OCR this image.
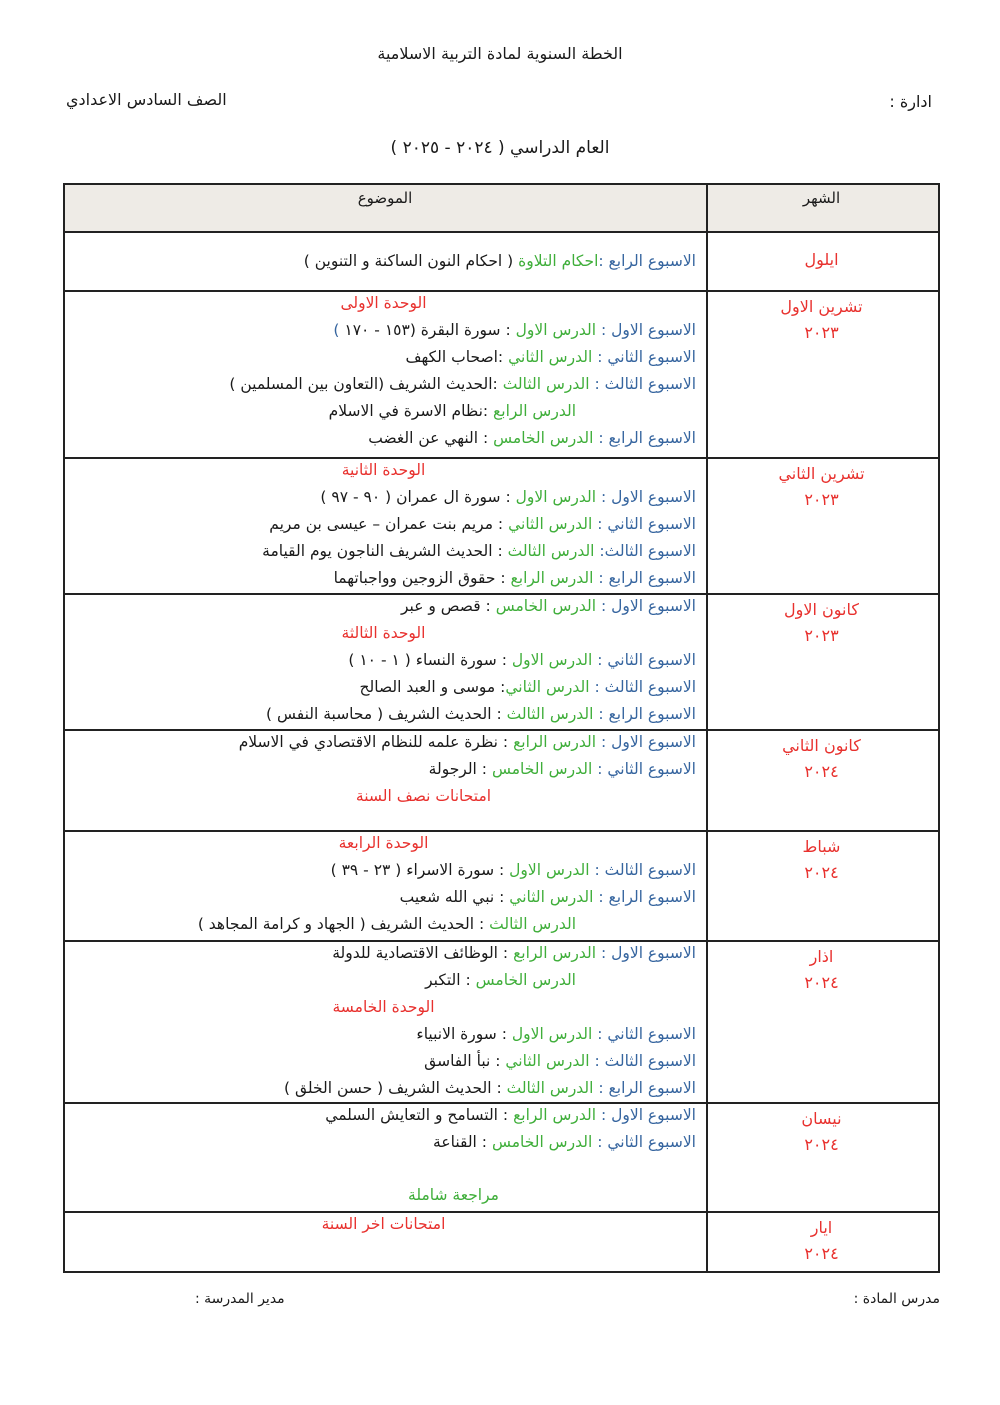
الخطة السنوية لمادة التربية الاسلامية
ادارة :
الصف السادس الاعدادي
العام الدراسي ( ٢٠٢٤ - ٢٠٢٥ )
الشهر
الموضوع
ايلول
الاسبوع الرابع :احكام التلاوة ( احكام النون الساكنة و التنوين )
تشرين الاول
٢٠٢٣
الوحدة الاولى
الاسبوع الاول : الدرس الاول : سورة البقرة (١٥٣ - ١٧٠ )
الاسبوع الثاني : الدرس الثاني :اصحاب الكهف
الاسبوع الثالث : الدرس الثالث :الحديث الشريف (التعاون بين المسلمين )
الدرس الرابع :نظام الاسرة في الاسلام
الاسبوع الرابع : الدرس الخامس : النهي عن الغضب
تشرين الثاني
٢٠٢٣
الوحدة الثانية
الاسبوع الاول : الدرس الاول : سورة ال عمران ( ٩٠ - ٩٧ )
الاسبوع الثاني : الدرس الثاني : مريم بنت عمران – عيسى بن مريم
الاسبوع الثالث: الدرس الثالث : الحديث الشريف الناجون يوم القيامة
الاسبوع الرابع : الدرس الرابع : حقوق الزوجين وواجباتهما
كانون الاول
٢٠٢٣
الاسبوع الاول : الدرس الخامس : قصص و عبر
الوحدة الثالثة
الاسبوع الثاني : الدرس الاول : سورة النساء ( ١ - ١٠ )
الاسبوع الثالث : الدرس الثاني: موسى و العبد الصالح
الاسبوع الرابع : الدرس الثالث : الحديث الشريف ( محاسبة النفس )
كانون الثاني
٢٠٢٤
الاسبوع الاول : الدرس الرابع : نظرة علمه للنظام الاقتصادي في الاسلام
الاسبوع الثاني : الدرس الخامس : الرجولة
امتحانات نصف السنة
شباط
٢٠٢٤
الوحدة الرابعة
الاسبوع الثالث : الدرس الاول : سورة الاسراء ( ٢٣ - ٣٩ )
الاسبوع الرابع : الدرس الثاني : نبي الله شعيب
الدرس الثالث : الحديث الشريف ( الجهاد و كرامة المجاهد )
اذار
٢٠٢٤
الاسبوع الاول : الدرس الرابع : الوظائف الاقتصادية للدولة
الدرس الخامس : التكبر
الوحدة الخامسة
الاسبوع الثاني : الدرس الاول : سورة الانبياء
الاسبوع الثالث : الدرس الثاني : نبأ الفاسق
الاسبوع الرابع : الدرس الثالث : الحديث الشريف ( حسن الخلق )
نيسان
٢٠٢٤
الاسبوع الاول : الدرس الرابع : التسامح و التعايش السلمي
الاسبوع الثاني : الدرس الخامس : القناعة
مراجعة شاملة
ايار
٢٠٢٤
امتحانات اخر السنة
مدرس المادة :
مدير المدرسة :
